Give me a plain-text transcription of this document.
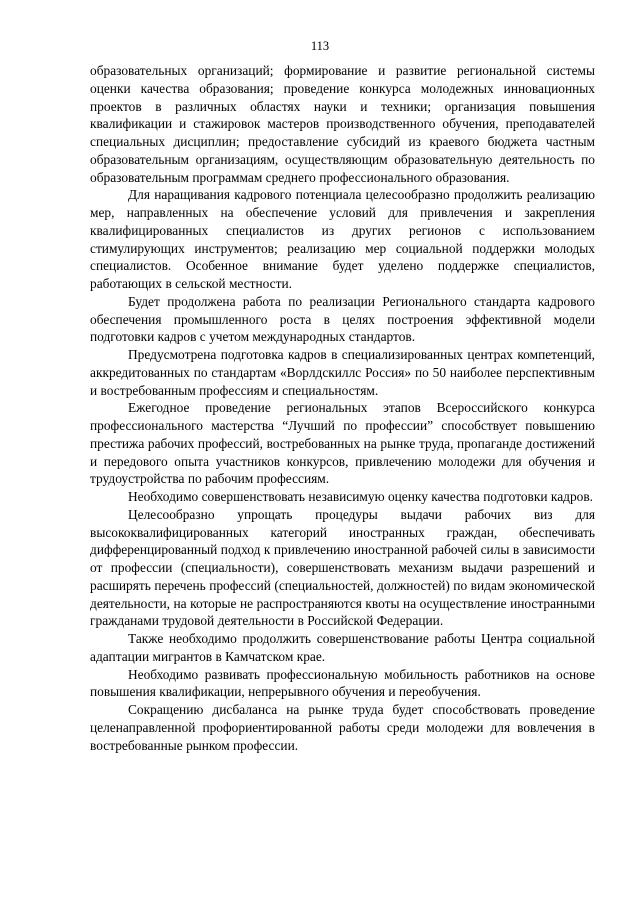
113

образовательных организаций; формирование и развитие региональной системы оценки качества образования; проведение конкурса молодежных инновационных проектов в различных областях науки и техники; организация повышения квалификации и стажировок мастеров производственного обучения, преподавателей специальных дисциплин; предоставление субсидий из краевого бюджета частным образовательным организациям, осуществляющим образовательную деятельность по образовательным программам среднего профессионального образования.

Для наращивания кадрового потенциала целесообразно продолжить реализацию мер, направленных на обеспечение условий для привлечения и закрепления квалифицированных специалистов из других регионов с использованием стимулирующих инструментов; реализацию мер социальной поддержки молодых специалистов. Особенное внимание будет уделено поддержке специалистов, работающих в сельской местности.

Будет продолжена работа по реализации Регионального стандарта кадрового обеспечения промышленного роста в целях построения эффективной модели подготовки кадров с учетом международных стандартов.

Предусмотрена подготовка кадров в специализированных центрах компетенций, аккредитованных по стандартам «Ворлдскиллс Россия» по 50 наиболее перспективным и востребованным профессиям и специальностям.

Ежегодное проведение региональных этапов Всероссийского конкурса профессионального мастерства “Лучший по профессии” способствует повышению престижа рабочих профессий, востребованных на рынке труда, пропаганде достижений и передового опыта участников конкурсов, привлечению молодежи для обучения и трудоустройства по рабочим профессиям.

Необходимо совершенствовать независимую оценку качества подготовки кадров.

Целесообразно упрощать процедуры выдачи рабочих виз для высококвалифицированных категорий иностранных граждан, обеспечивать дифференцированный подход к привлечению иностранной рабочей силы в зависимости от профессии (специальности), совершенствовать механизм выдачи разрешений и расширять перечень профессий (специальностей, должностей) по видам экономической деятельности, на которые не распространяются квоты на осуществление иностранными гражданами трудовой деятельности в Российской Федерации.

Также необходимо продолжить совершенствование работы Центра социальной адаптации мигрантов в Камчатском крае.

Необходимо развивать профессиональную мобильность работников на основе повышения квалификации, непрерывного обучения и переобучения.

Сокращению дисбаланса на рынке труда будет способствовать проведение целенаправленной профориентированной работы среди молодежи для вовлечения в востребованные рынком профессии.
